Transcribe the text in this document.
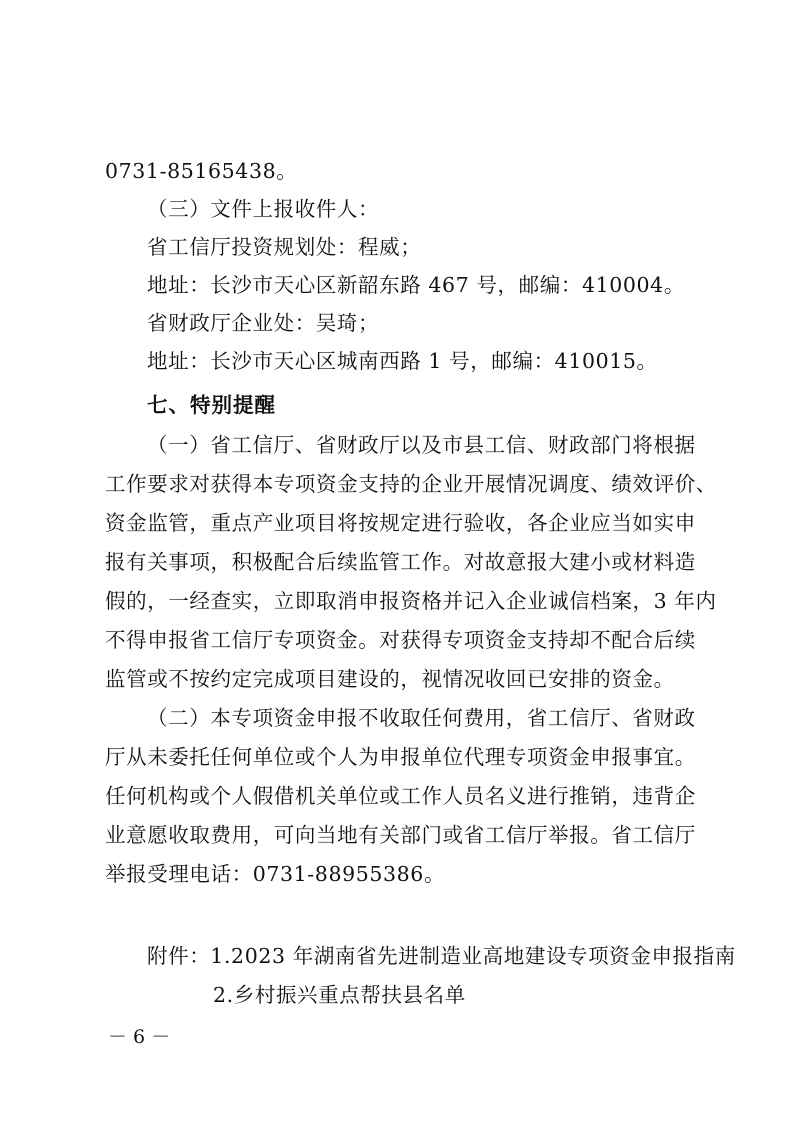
0731-85165438。
（三）文件上报收件人：
省工信厅投资规划处：程威；
地址：长沙市天心区新韶东路 467 号，邮编：410004。
省财政厅企业处：吴琦；
地址：长沙市天心区城南西路 1 号，邮编：410015。
七、特别提醒
（一）省工信厅、省财政厅以及市县工信、财政部门将根据
工作要求对获得本专项资金支持的企业开展情况调度、绩效评价、
资金监管，重点产业项目将按规定进行验收，各企业应当如实申
报有关事项，积极配合后续监管工作。对故意报大建小或材料造
假的，一经查实，立即取消申报资格并记入企业诚信档案，3 年内
不得申报省工信厅专项资金。对获得专项资金支持却不配合后续
监管或不按约定完成项目建设的，视情况收回已安排的资金。
（二）本专项资金申报不收取任何费用，省工信厅、省财政
厅从未委托任何单位或个人为申报单位代理专项资金申报事宜。
任何机构或个人假借机关单位或工作人员名义进行推销，违背企
业意愿收取费用，可向当地有关部门或省工信厅举报。省工信厅
举报受理电话：0731-88955386。
附件：1.2023 年湖南省先进制造业高地建设专项资金申报指南
2.乡村振兴重点帮扶县名单
－ 6 －
